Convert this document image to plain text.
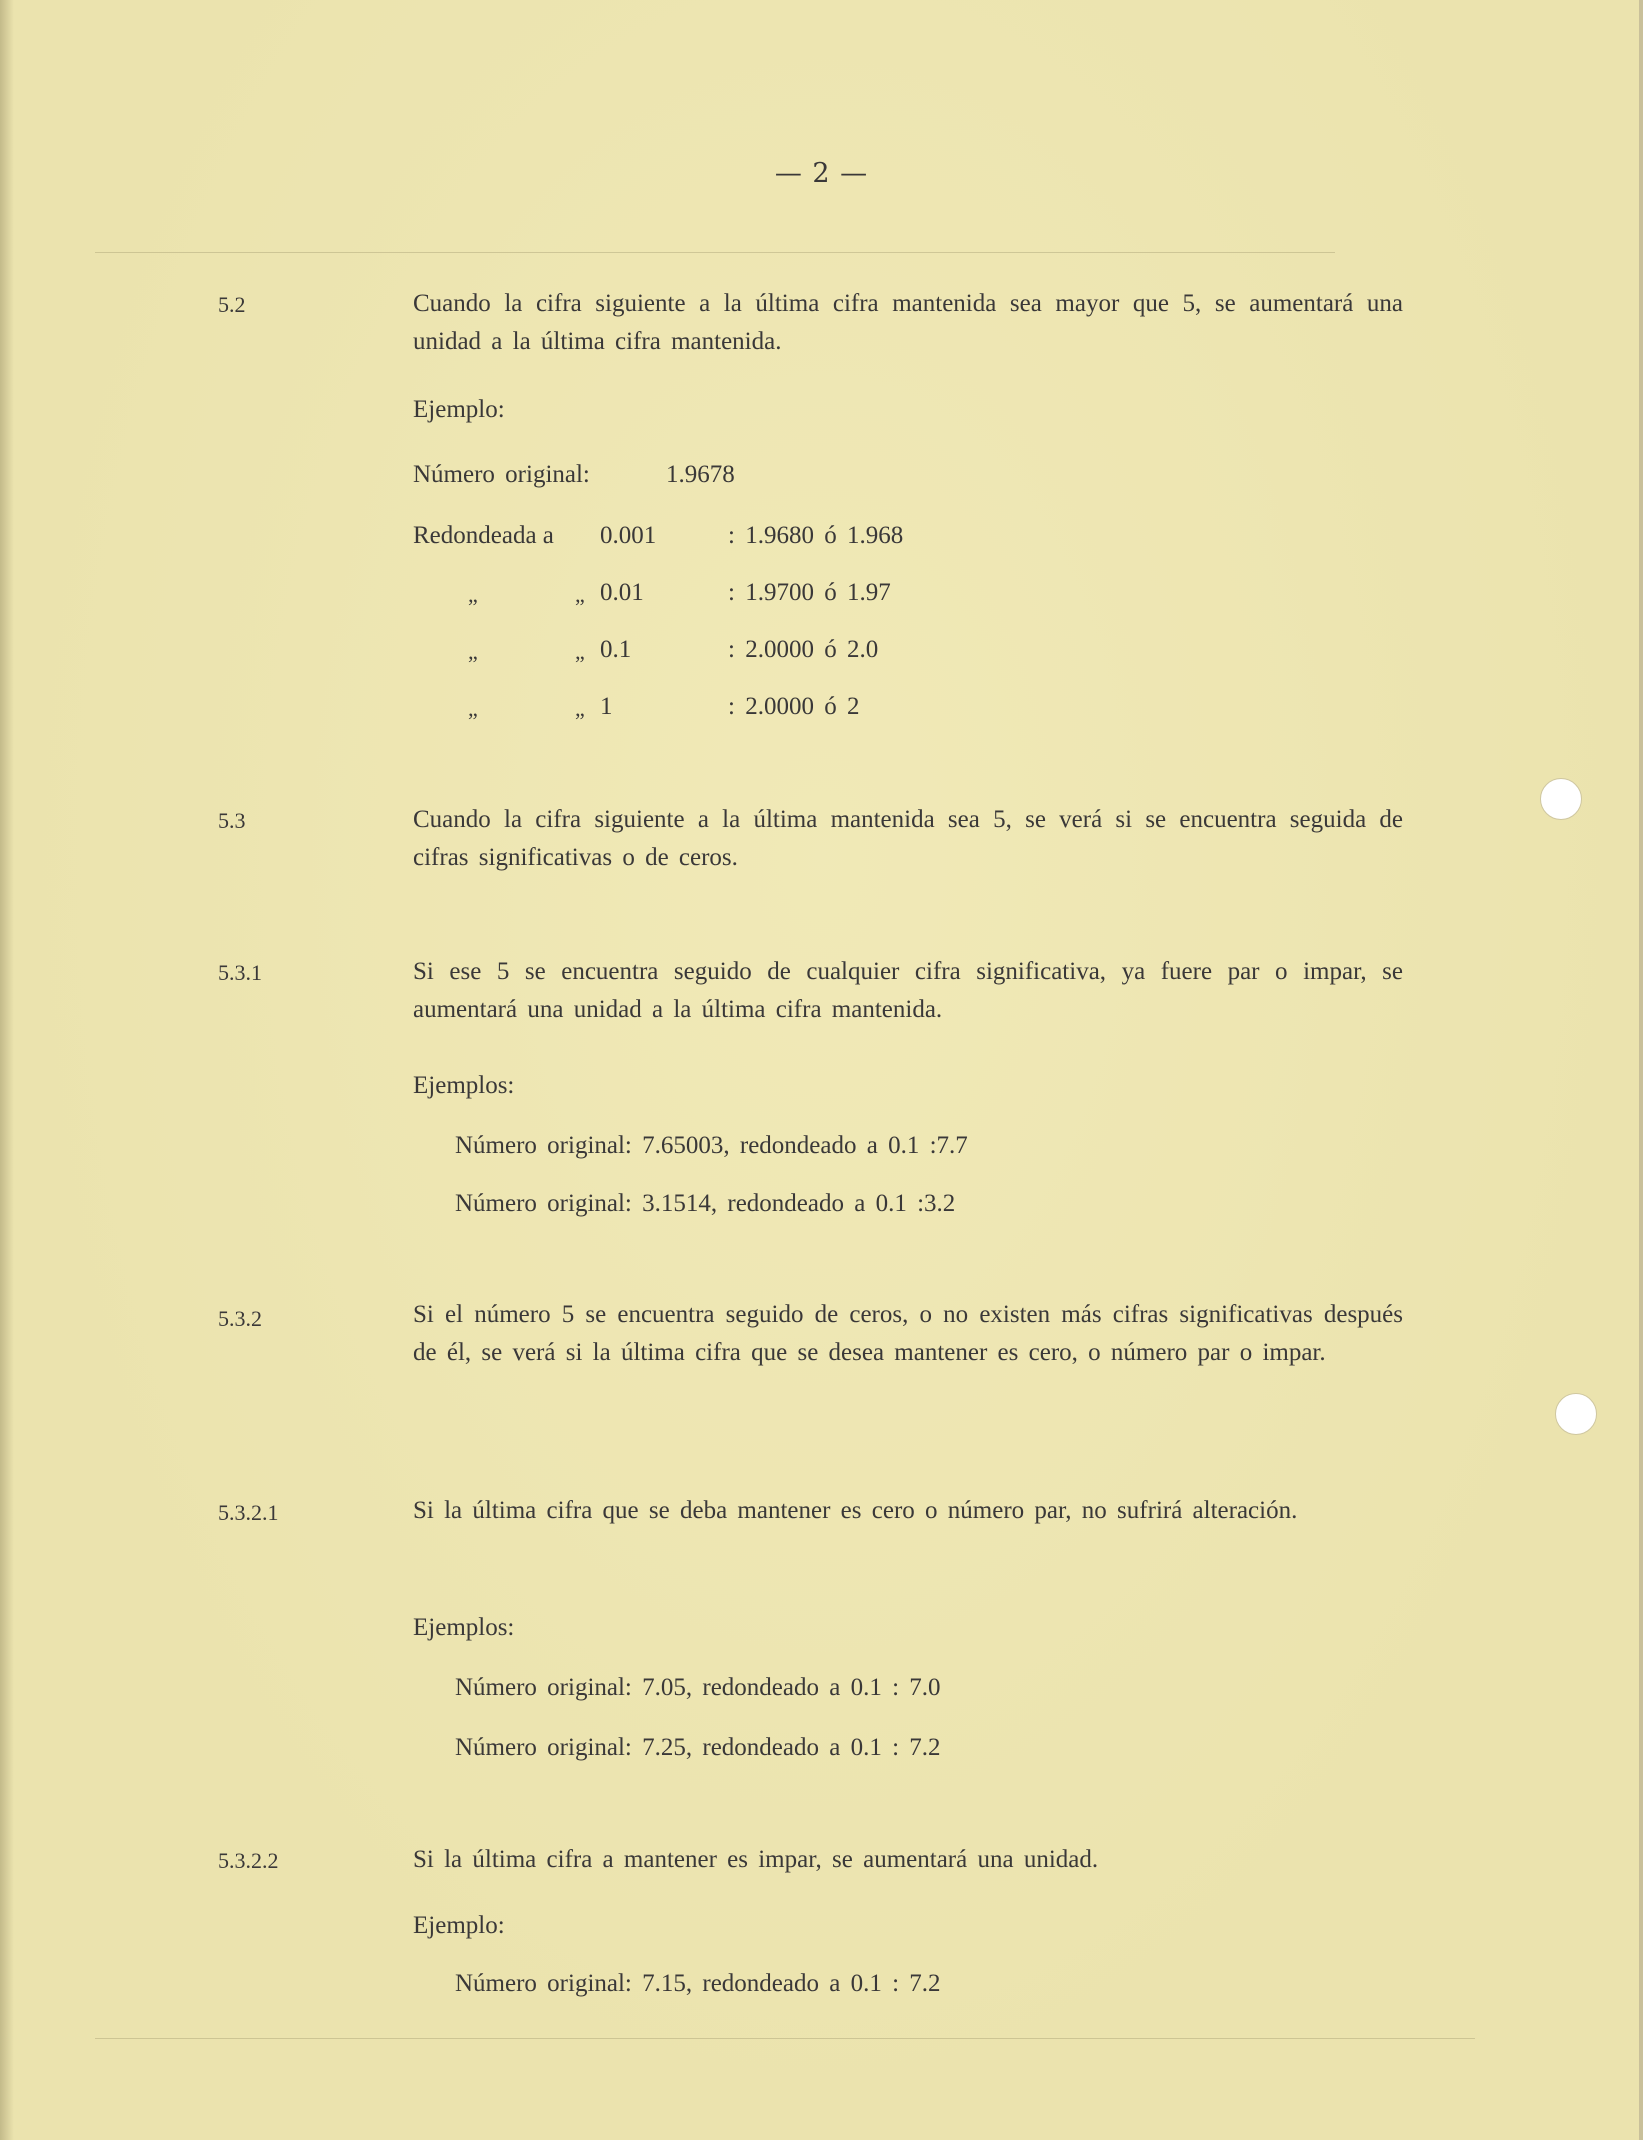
— 2 —
5.2	Cuando la cifra siguiente a la última cifra mantenida sea mayor que 5, se aumentará una unidad a la última cifra mantenida.

Ejemplo:
Número original:	1.9678
Redondeada a 0.001	: 1.9680 ó 1.968
„	„ 0.01	: 1.9700 ó 1.97
„	„ 0.1	: 2.0000 ó 2.0
„	„ 1	: 2.0000 ó 2
5.3	Cuando la cifra siguiente a la última mantenida sea 5, se verá si se encuentra seguida de cifras significativas o de ceros.

5.3.1	Si ese 5 se encuentra seguido de cualquier cifra significativa, ya fuere par o impar, se aumentará una unidad a la última cifra mantenida.

Ejemplos:
Número original: 7.65003, redondeado a 0.1 :7.7
Número original: 3.1514, redondeado a 0.1 :3.2
5.3.2	Si el número 5 se encuentra seguido de ceros, o no existen más cifras significativas después de él, se verá si la última cifra que se desea mantener es cero, o número par o impar.

5.3.2.1	Si la última cifra que se deba mantener es cero o número par, no sufrirá alteración.

Ejemplos:
Número original: 7.05, redondeado a 0.1 : 7.0
Número original: 7.25, redondeado a 0.1 : 7.2
5.3.2.2	Si la última cifra a mantener es impar, se aumentará una unidad.

Ejemplo:
Número original: 7.15, redondeado a 0.1 : 7.2
